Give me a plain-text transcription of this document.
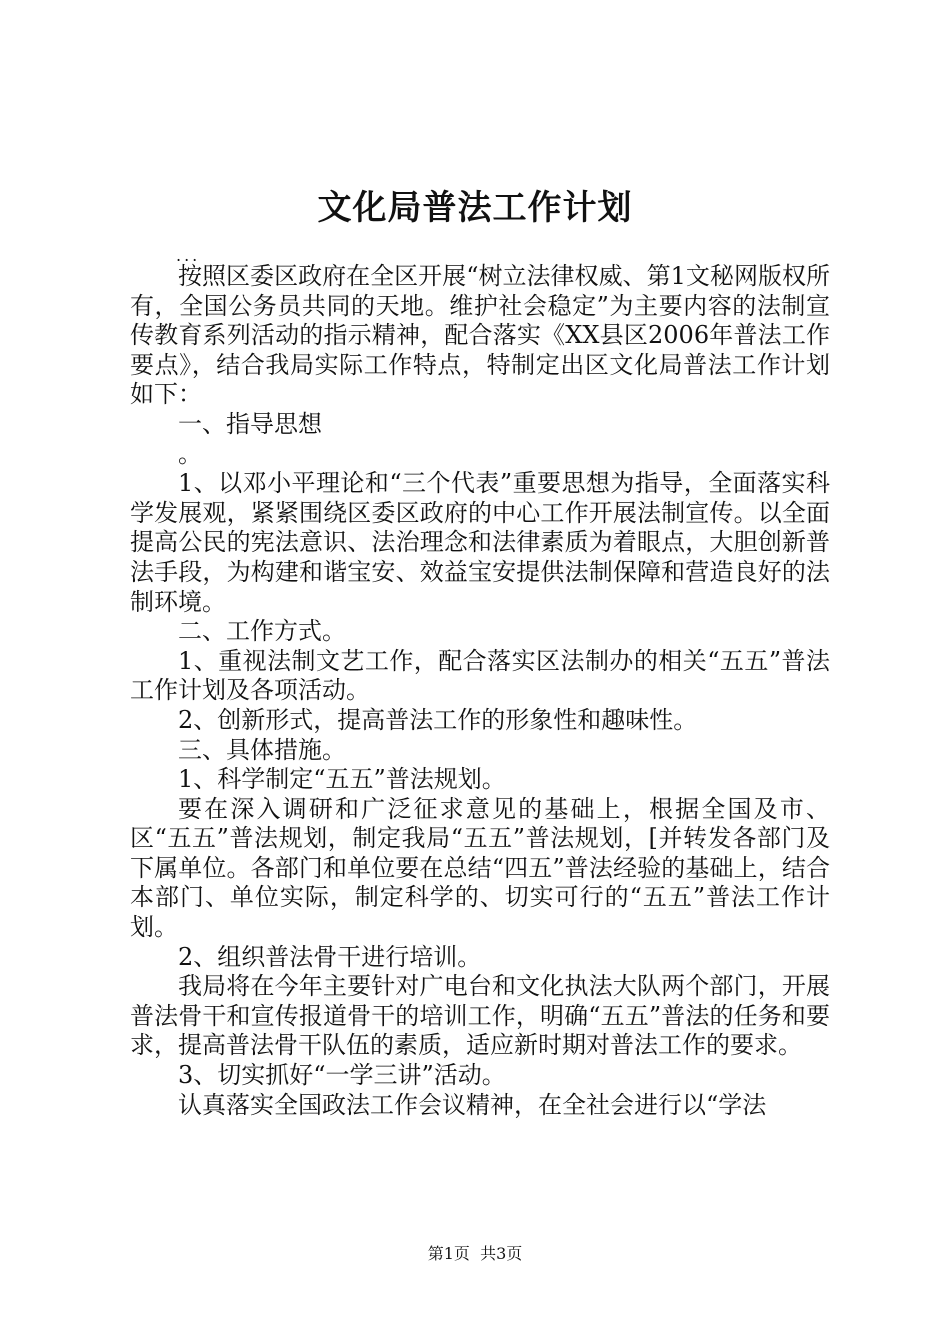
文化局普法工作计划
...

按照区委区政府在全区开展“树立法律权威、第1文秘网版权所有，全国公务员共同的天地。维护社会稳定”为主要内容的法制宣传教育系列活动的指示精神，配合落实《XX县区2006年普法工作要点》，结合我局实际工作特点，特制定出区文化局普法工作计划如下：

一、指导思想

。

1、以邓小平理论和“三个代表”重要思想为指导，全面落实科学发展观，紧紧围绕区委区政府的中心工作开展法制宣传。以全面提高公民的宪法意识、法治理念和法律素质为着眼点，大胆创新普法手段，为构建和谐宝安、效益宝安提供法制保障和营造良好的法制环境。

二、工作方式。

1、重视法制文艺工作，配合落实区法制办的相关“五五”普法工作计划及各项活动。

2、创新形式，提高普法工作的形象性和趣味性。

三、具体措施。

1、科学制定“五五”普法规划。

要在深入调研和广泛征求意见的基础上，根据全国及市、区“五五”普法规划，制定我局“五五”普法规划，[并转发各部门及下属单位。各部门和单位要在总结“四五”普法经验的基础上，结合本部门、单位实际，制定科学的、切实可行的“五五”普法工作计划。

2、组织普法骨干进行培训。

我局将在今年主要针对广电台和文化执法大队两个部门，开展普法骨干和宣传报道骨干的培训工作，明确“五五”普法的任务和要求，提高普法骨干队伍的素质，适应新时期对普法工作的要求。

3、切实抓好“一学三讲”活动。

认真落实全国政法工作会议精神，在全社会进行以“学法

第1页 共3页
